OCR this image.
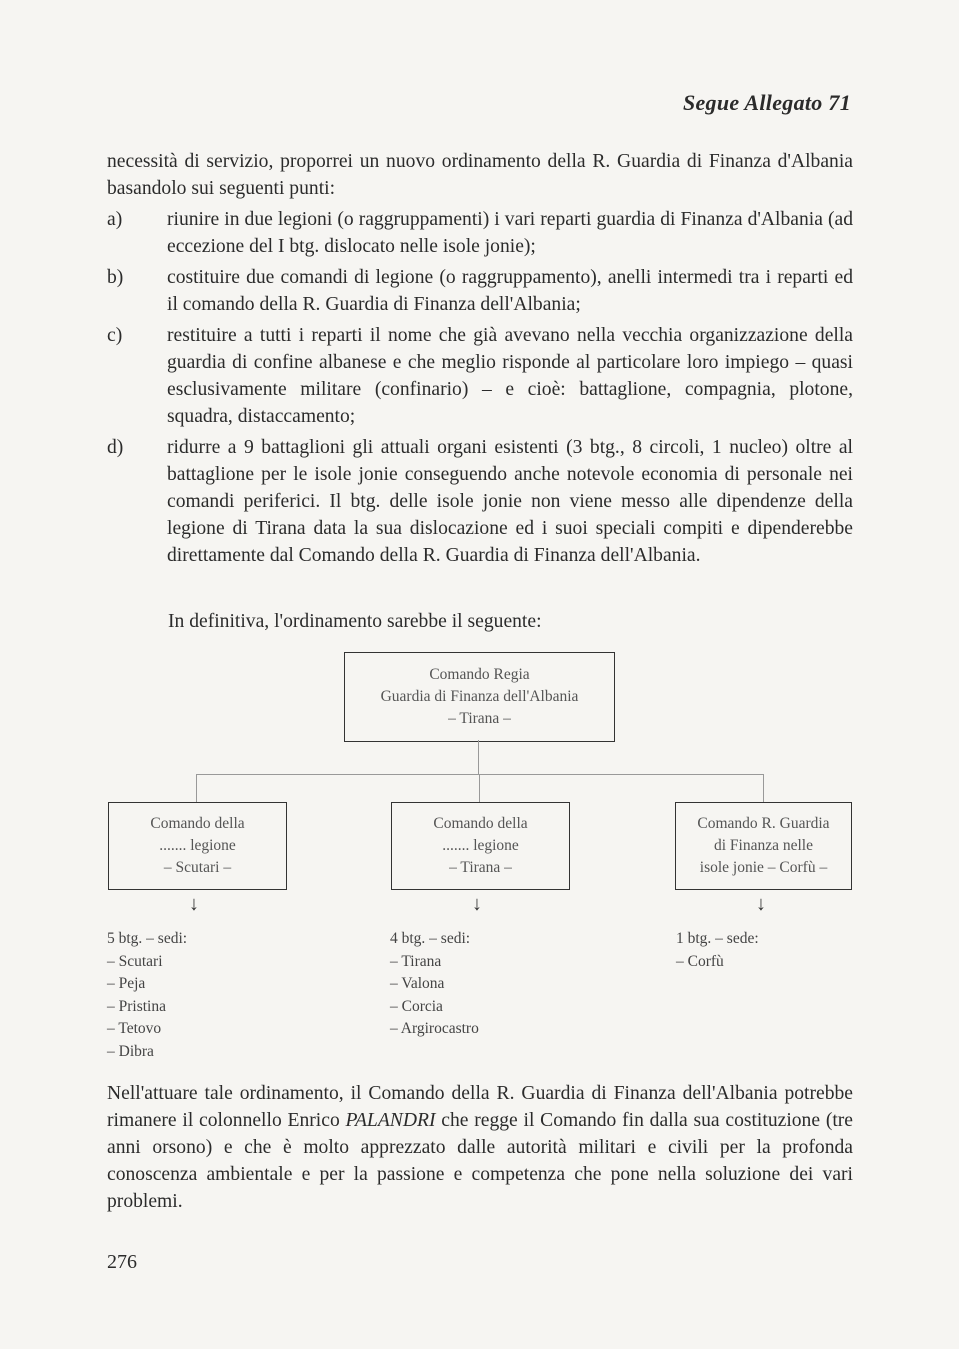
Segue Allegato 71
necessità di servizio, proporrei un nuovo ordinamento della R. Guardia di Finanza d'Albania basandolo sui seguenti punti:
a)	riunire in due legioni (o raggruppamenti) i vari reparti guardia di Finanza d'Albania (ad eccezione del I btg. dislocato nelle isole jonie);
b)	costituire due comandi di legione (o raggruppamento), anelli intermedi tra i reparti ed il comando della R. Guardia di Finanza dell'Albania;
c)	restituire a tutti i reparti il nome che già avevano nella vecchia organizzazione della guardia di confine albanese e che meglio risponde al particolare loro impiego – quasi esclusivamente militare (confinario) – e cioè: battaglione, compagnia, plotone, squadra, distaccamento;
d)	ridurre a 9 battaglioni gli attuali organi esistenti (3 btg., 8 circoli, 1 nucleo) oltre al battaglione per le isole jonie conseguendo anche notevole economia di personale nei comandi periferici. Il btg. delle isole jonie non viene messo alle dipendenze della legione di Tirana data la sua dislocazione ed i suoi speciali compiti e dipenderebbe direttamente dal Comando della R. Guardia di Finanza dell'Albania.
In definitiva, l'ordinamento sarebbe il seguente:
Comando Regia
Guardia di Finanza dell'Albania
– Tirana –
Comando della
....... legione
– Scutari –
Comando della
....... legione
– Tirana –
Comando R. Guardia
di Finanza nelle
isole jonie – Corfù –
↓	↓	↓
5 btg. – sedi:
– Scutari
– Peja
– Pristina
– Tetovo
– Dibra
4 btg. – sedi:
– Tirana
– Valona
– Corcia
– Argirocastro
1 btg. – sede:
– Corfù
Nell'attuare tale ordinamento, il Comando della R. Guardia di Finanza dell'Albania potrebbe rimanere il colonnello Enrico PALANDRI che regge il Comando fin dalla sua costituzione (tre anni orsono) e che è molto apprezzato dalle autorità militari e civili per la profonda conoscenza ambientale e per la passione e competenza che pone nella soluzione dei vari problemi.
276
